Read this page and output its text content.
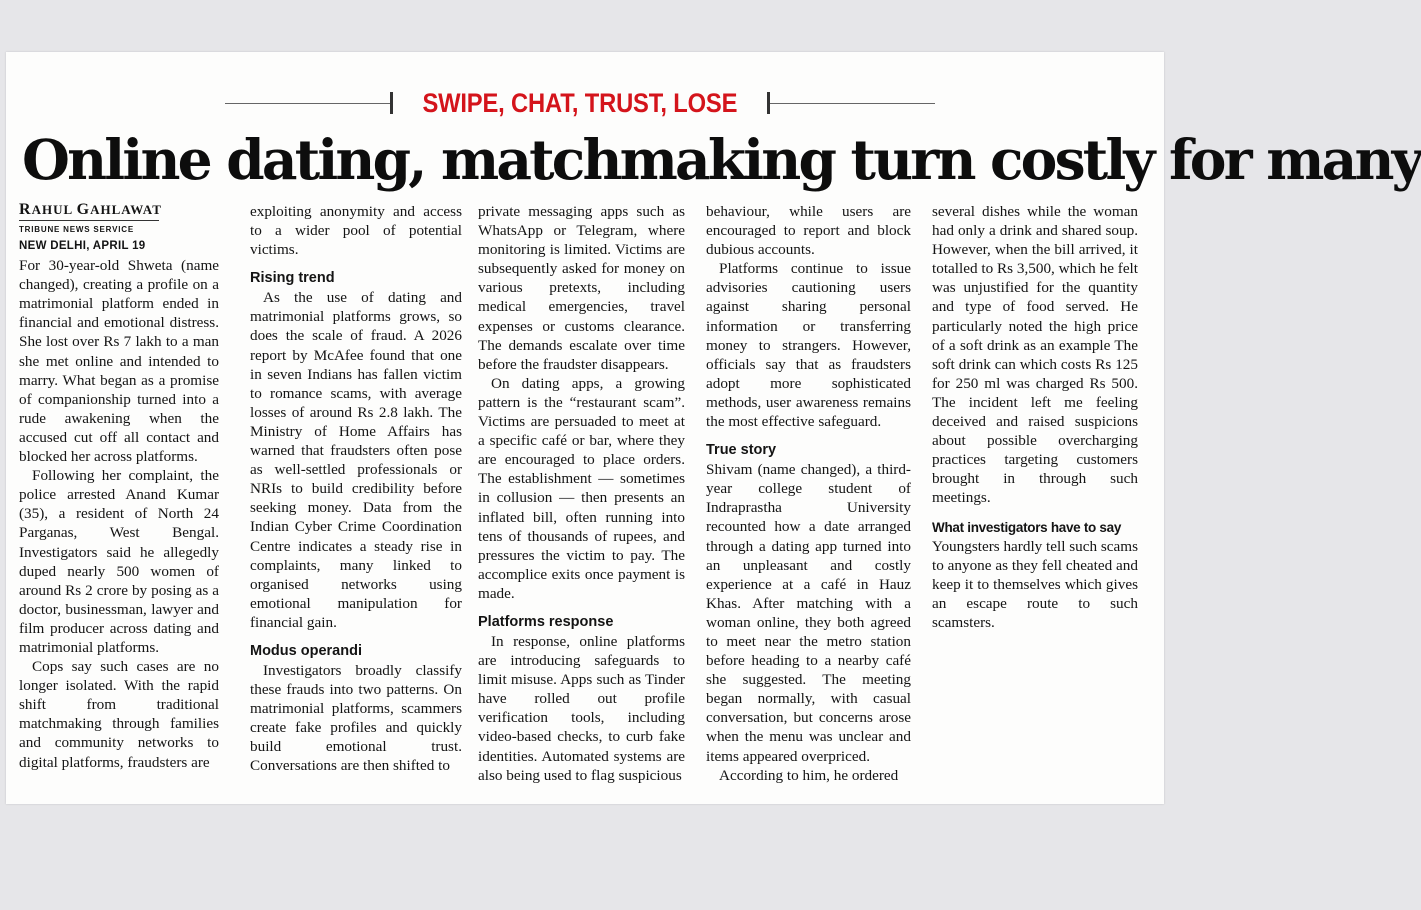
SWIPE, CHAT, TRUST, LOSE
Online dating, matchmaking turn costly for many
RAHUL GAHLAWAT
TRIBUNE NEWS SERVICE
NEW DELHI, APRIL 19

For 30-year-old Shweta (name changed), creating a profile on a matrimonial platform ended in financial and emotional distress. She lost over Rs 7 lakh to a man she met online and intended to marry. What began as a promise of companionship turned into a rude awakening when the accused cut off all contact and blocked her across platforms.

Following her complaint, the police arrested Anand Kumar (35), a resident of North 24 Parganas, West Bengal. Investigators said he allegedly duped nearly 500 women of around Rs 2 crore by posing as a doctor, businessman, lawyer and film producer across dating and matrimonial platforms.

Cops say such cases are no longer isolated. With the rapid shift from traditional matchmaking through families and community networks to digital platforms, fraudsters are

exploiting anonymity and access to a wider pool of potential victims.

Rising trend

As the use of dating and matrimonial platforms grows, so does the scale of fraud. A 2026 report by McAfee found that one in seven Indians has fallen victim to romance scams, with average losses of around Rs 2.8 lakh. The Ministry of Home Affairs has warned that fraudsters often pose as well-settled professionals or NRIs to build credibility before seeking money. Data from the Indian Cyber Crime Coordination Centre indicates a steady rise in complaints, many linked to organised networks using emotional manipulation for financial gain.

Modus operandi

Investigators broadly classify these frauds into two patterns. On matrimonial platforms, scammers create fake profiles and quickly build emotional trust. Conversations are then shifted to

private messaging apps such as WhatsApp or Telegram, where monitoring is limited. Victims are subsequently asked for money on various pretexts, including medical emergencies, travel expenses or customs clearance. The demands escalate over time before the fraudster disappears.

On dating apps, a growing pattern is the “restaurant scam”. Victims are persuaded to meet at a specific café or bar, where they are encouraged to place orders. The establishment — sometimes in collusion — then presents an inflated bill, often running into tens of thousands of rupees, and pressures the victim to pay. The accomplice exits once payment is made.

Platforms response

In response, online platforms are introducing safeguards to limit misuse. Apps such as Tinder have rolled out profile verification tools, including video-based checks, to curb fake identities. Automated systems are also being used to flag suspicious

behaviour, while users are encouraged to report and block dubious accounts.

Platforms continue to issue advisories cautioning users against sharing personal information or transferring money to strangers. However, officials say that as fraudsters adopt more sophisticated methods, user awareness remains the most effective safeguard.

True story

Shivam (name changed), a third-year college student of Indraprastha University recounted how a date arranged through a dating app turned into an unpleasant and costly experience at a café in Hauz Khas. After matching with a woman online, they both agreed to meet near the metro station before heading to a nearby café she suggested. The meeting began normally, with casual conversation, but concerns arose when the menu was unclear and items appeared overpriced.

According to him, he ordered

several dishes while the woman had only a drink and shared soup. However, when the bill arrived, it totalled to Rs 3,500, which he felt was unjustified for the quantity and type of food served. He particularly noted the high price of a soft drink as an example The soft drink can which costs Rs 125 for 250 ml was charged Rs 500. The incident left me feeling deceived and raised suspicions about possible overcharging practices targeting customers brought in through such meetings.

What investigators have to say

Youngsters hardly tell such scams to anyone as they fell cheated and keep it to themselves which gives an escape route to such scamsters.
